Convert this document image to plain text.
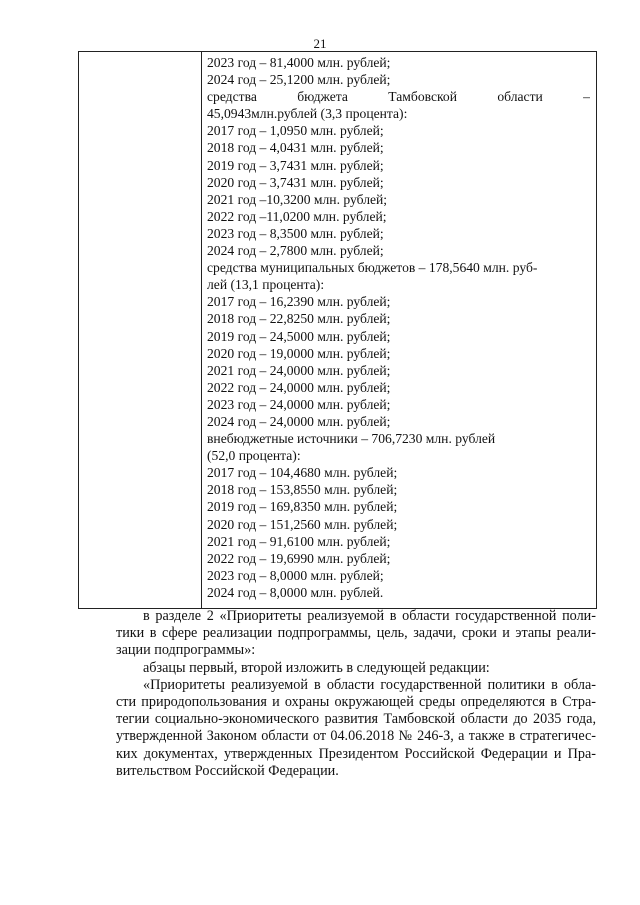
21
2023 год – 81,4000 млн. рублей;
2024 год – 25,1200 млн. рублей;
средства	бюджета	Тамбовской	области	–
45,0943млн.рублей (3,3 процента):
2017 год – 1,0950 млн. рублей;
2018 год – 4,0431 млн. рублей;
2019 год – 3,7431 млн. рублей;
2020 год – 3,7431 млн. рублей;
2021 год –10,3200 млн. рублей;
2022 год –11,0200 млн. рублей;
2023 год – 8,3500 млн. рублей;
2024 год – 2,7800 млн. рублей;
средства муниципальных бюджетов – 178,5640 млн. руб-
лей (13,1 процента):
2017 год – 16,2390 млн. рублей;
2018 год – 22,8250 млн. рублей;
2019 год – 24,5000 млн. рублей;
2020 год – 19,0000 млн. рублей;
2021 год – 24,0000 млн. рублей;
2022 год – 24,0000 млн. рублей;
2023 год – 24,0000 млн. рублей;
2024 год – 24,0000 млн. рублей;
внебюджетные источники – 706,7230 млн. рублей
(52,0 процента):
2017 год – 104,4680 млн. рублей;
2018 год – 153,8550 млн. рублей;
2019 год – 169,8350 млн. рублей;
2020 год – 151,2560 млн. рублей;
2021 год – 91,6100 млн. рублей;
2022 год – 19,6990 млн. рублей;
2023 год – 8,0000 млн. рублей;
2024 год – 8,0000 млн. рублей.

в разделе 2 «Приоритеты реализуемой в области государственной поли- тики в сфере реализации подпрограммы, цель, задачи, сроки и этапы реали- зации подпрограммы»:

абзацы первый, второй изложить в следующей редакции:

«Приоритеты реализуемой в области государственной политики в обла- сти природопользования и охраны окружающей среды определяются в Стра- тегии социально-экономического развития Тамбовской области до 2035 года, утвержденной Законом области от 04.06.2018 № 246-З, а также в стратегичес- ких документах, утвержденных Президентом Российской Федерации и Пра- вительством Российской Федерации.
